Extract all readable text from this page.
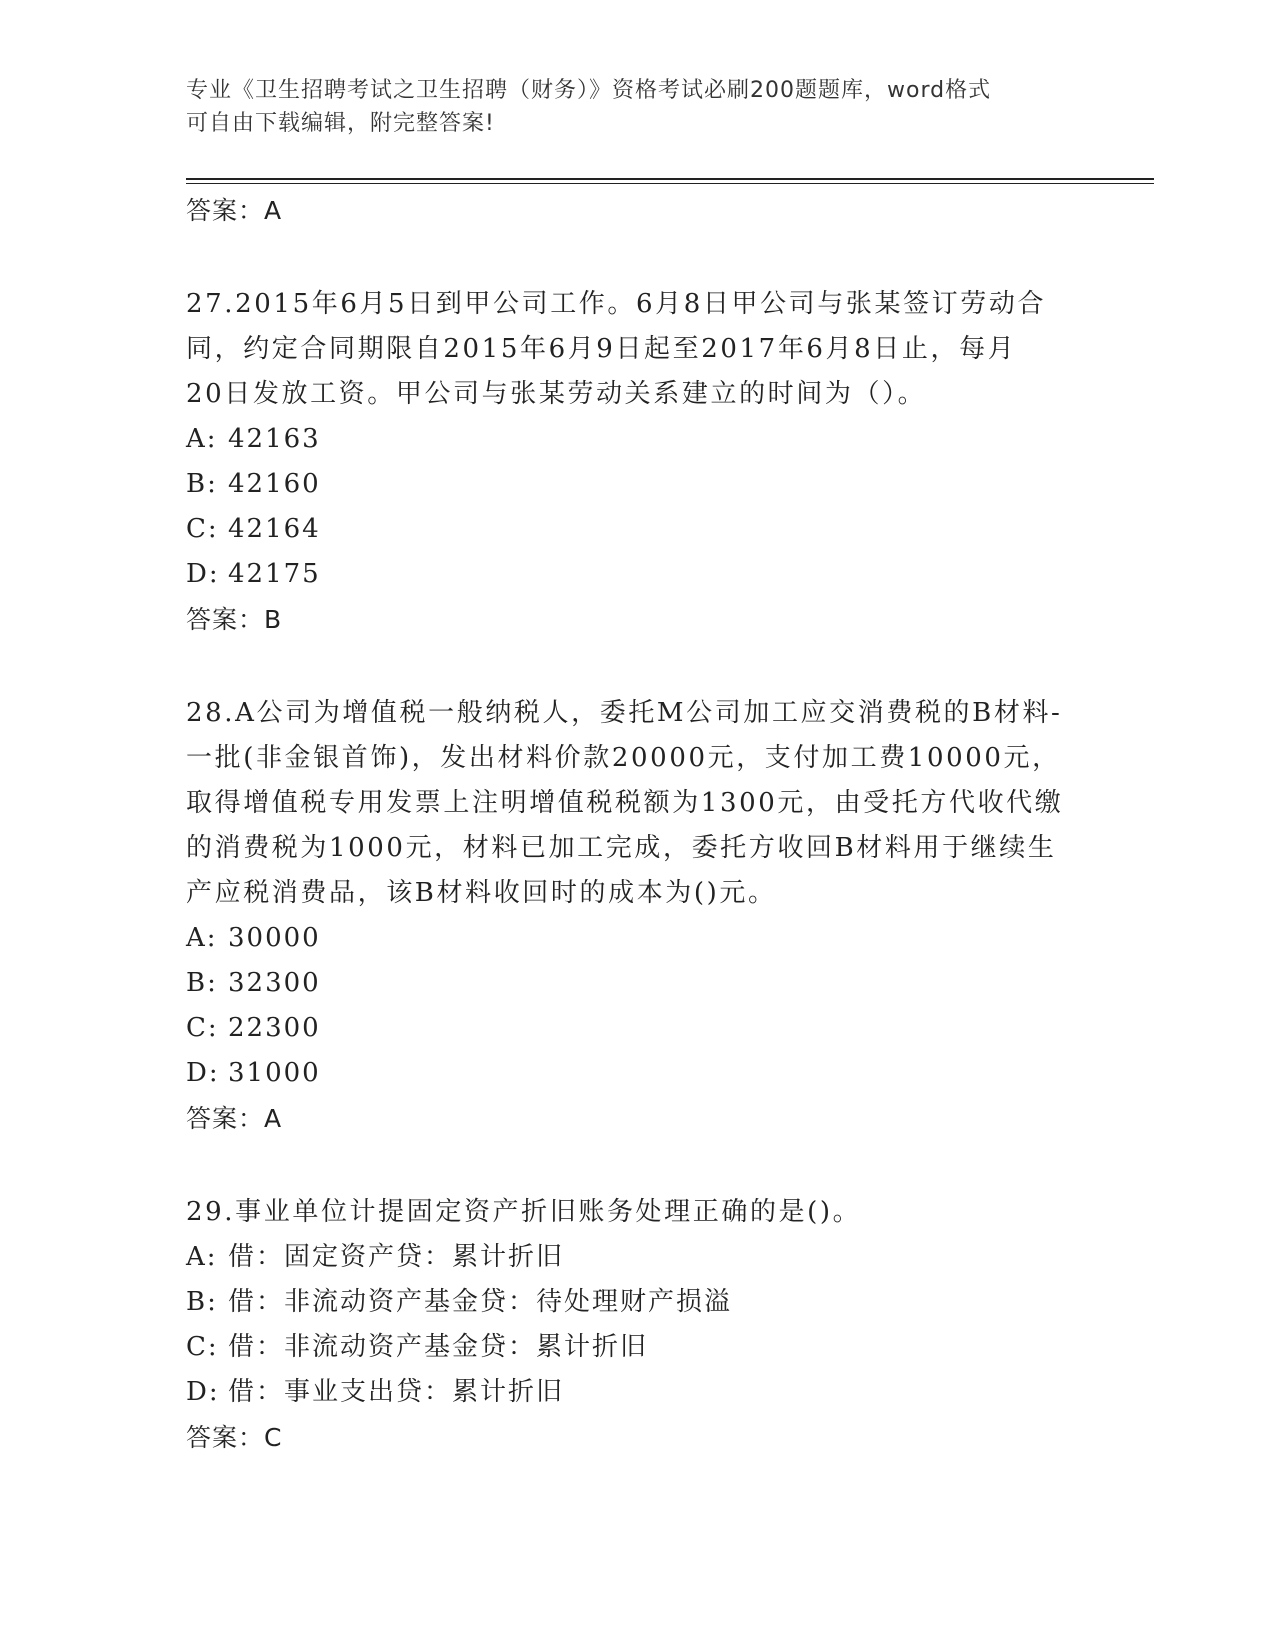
专业《卫生招聘考试之卫生招聘（财务）》资格考试必刷200题题库，word格式
可自由下载编辑，附完整答案!
答案：A

27.2015年6月5日到甲公司工作。6月8日甲公司与张某签订劳动合
同，约定合同期限自2015年6月9日起至2017年6月8日止，每月
20日发放工资。甲公司与张某劳动关系建立的时间为（）。

A: 42163
B: 42160
C: 42164
D: 42175
答案：B

28.A公司为增值税一般纳税人，委托M公司加工应交消费税的B材料-
一批(非金银首饰)，发出材料价款20000元，支付加工费10000元，
取得增值税专用发票上注明增值税税额为1300元，由受托方代收代缴
的消费税为1000元，材料已加工完成，委托方收回B材料用于继续生
产应税消费品，该B材料收回时的成本为()元。

A: 30000
B: 32300
C: 22300
D: 31000
答案：A

29.事业单位计提固定资产折旧账务处理正确的是()。

A: 借：固定资产贷：累计折旧
B: 借：非流动资产基金贷：待处理财产损溢
C: 借：非流动资产基金贷：累计折旧
D: 借：事业支出贷：累计折旧
答案：C
